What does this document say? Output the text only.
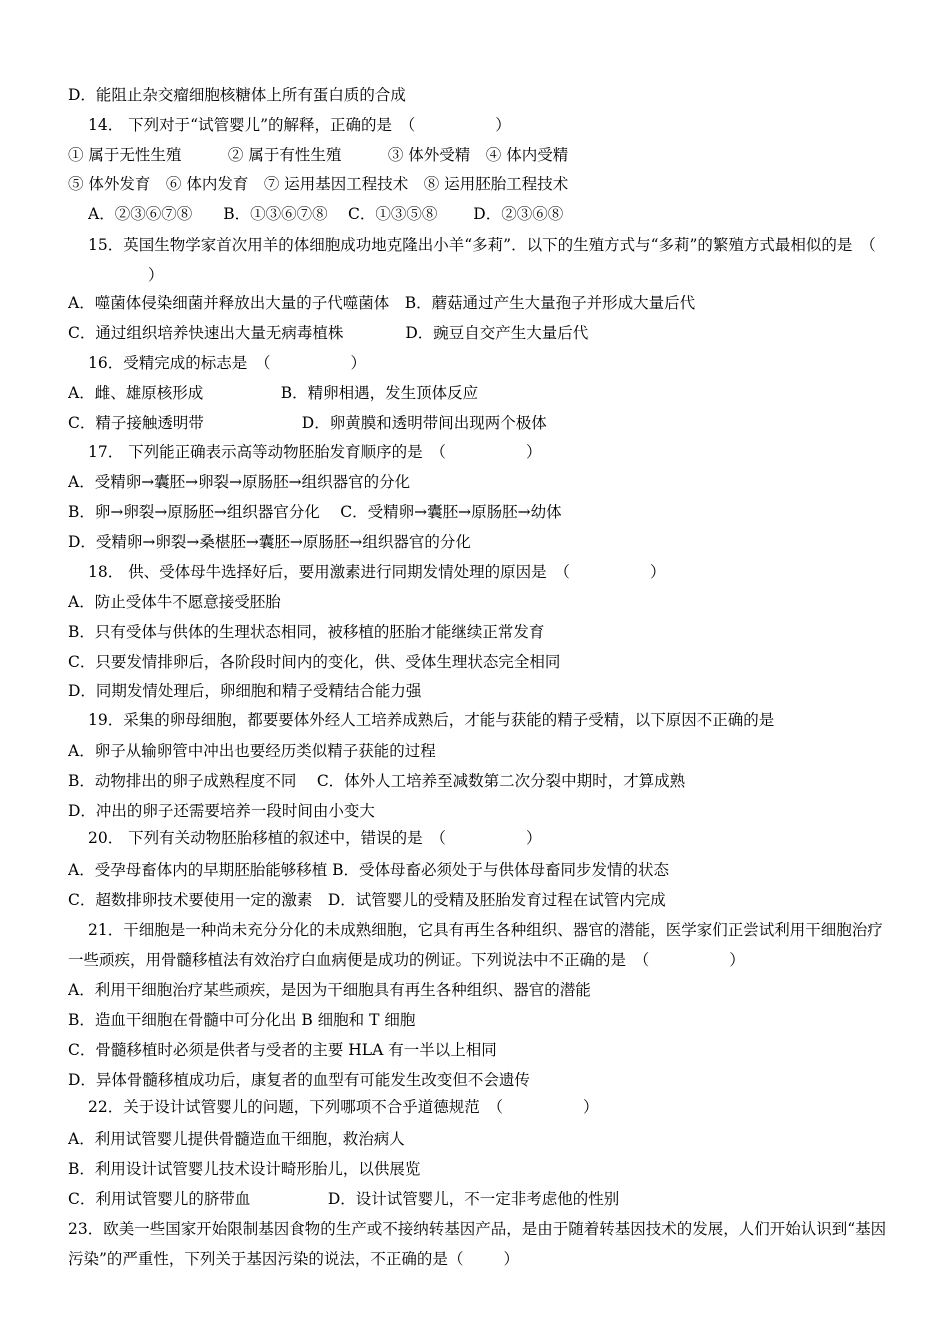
D．能阻止杂交瘤细胞核糖体上所有蛋白质的合成
14． 下列对于“试管婴儿”的解释，正确的是　 （	）
① 属于无性生殖　　　② 属于有性生殖　　　③ 体外受精　④ 体内受精
⑤ 体外发育　⑥ 体内发育　⑦ 运用基因工程技术　⑧ 运用胚胎工程技术
A．②③⑥⑦⑧　　B．①③⑥⑦⑧　 C．①③⑤⑧　　 D．②③⑥⑧
15．英国生物学家首次用羊的体细胞成功地克隆出小羊“多莉”．以下的生殖方式与“多莉”的繁殖方式最相似的是　 （）
A．噬菌体侵染细菌并释放出大量的子代噬菌体　B．蘑菇通过产生大量孢子并形成大量后代
C．通过组织培养快速出大量无病毒植株　　　　D．豌豆自交产生大量后代
16．受精完成的标志是　 （	）
A．雌、雄原核形成　　　　　B．精卵相遇，发生顶体反应
C．精子接触透明带　　　　　　 D．卵黄膜和透明带间出现两个极体
17． 下列能正确表示高等动物胚胎发育顺序的是　 （	）
A．受精卵→囊胚→卵裂→原肠胚→组织器官的分化
B．卵→卵裂→原肠胚→组织器官分化　 C．受精卵→囊胚→原肠胚→幼体
D．受精卵→卵裂→桑椹胚→囊胚→原肠胚→组织器官的分化
18． 供、受体母牛选择好后，要用激素进行同期发情处理的原因是　 （	）
A．防止受体牛不愿意接受胚胎
B．只有受体与供体的生理状态相同，被移植的胚胎才能继续正常发育
C．只要发情排卵后，各阶段时间内的变化，供、受体生理状态完全相同
D．同期发情处理后，卵细胞和精子受精结合能力强
19．采集的卵母细胞，都要要体外经人工培养成熟后，才能与获能的精子受精，以下原因不正确的是
A．卵子从输卵管中冲出也要经历类似精子获能的过程
B．动物排出的卵子成熟程度不同　 C．体外人工培养至减数第二次分裂中期时，才算成熟
D．冲出的卵子还需要培养一段时间由小变大
20． 下列有关动物胚胎移植的叙述中，错误的是　 （	）
A．受孕母畜体内的早期胚胎能够移植 B．受体母畜必须处于与供体母畜同步发情的状态
C．超数排卵技术要使用一定的激素　D．试管婴儿的受精及胚胎发育过程在试管内完成
21．干细胞是一种尚未充分分化的未成熟细胞，它具有再生各种组织、器官的潜能，医学家们正尝试利用干细胞治疗一些顽疾，用骨髓移植法有效治疗白血病便是成功的例证。下列说法中不正确的是　 （	）
A．利用干细胞治疗某些顽疾，是因为干细胞具有再生各种组织、器官的潜能
B．造血干细胞在骨髓中可分化出 B 细胞和 T 细胞
C．骨髓移植时必须是供者与受者的主要 HLA 有一半以上相同
D．异体骨髓移植成功后，康复者的血型有可能发生改变但不会遗传
22．关于设计试管婴儿的问题，下列哪项不合乎道德规范　 （	）
A．利用试管婴儿提供骨髓造血干细胞，救治病人
B．利用设计试管婴儿技术设计畸形胎儿，以供展览
C．利用试管婴儿的脐带血　　　　　D．设计试管婴儿，不一定非考虑他的性别
23．欧美一些国家开始限制基因食物的生产或不接纳转基因产品，是由于随着转基因技术的发展，人们开始认识到“基因污染”的严重性，下列关于基因污染的说法，不正确的是（	）
